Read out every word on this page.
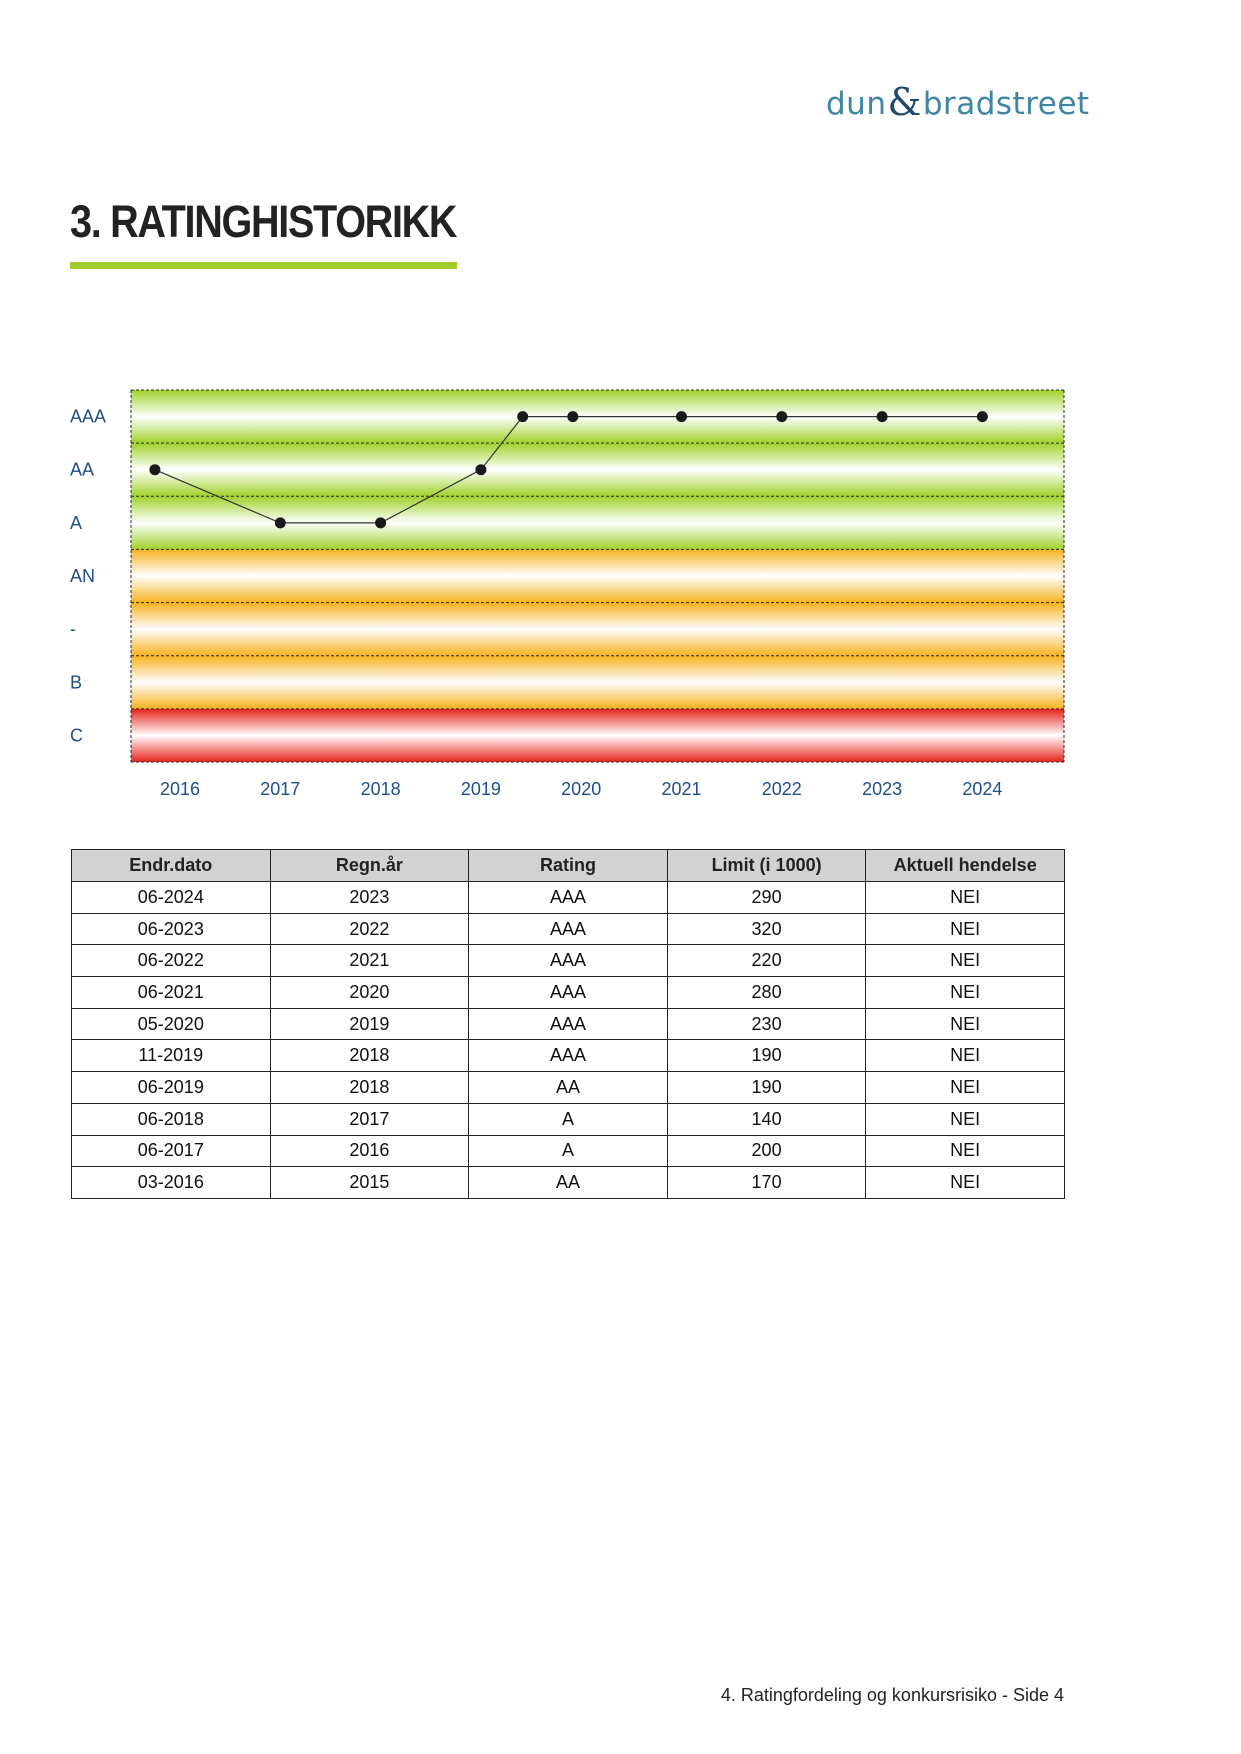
dun&bradstreet
3. RATINGHISTORIKK
AAA
AA
A
AN
-
B
C
2016	2017	2018	2019	2020	2021	2022	2023	2024
Endr.dato	Regn.år	Rating	Limit (i 1000)	Aktuell hendelse
06-2024	2023	AAA	290	NEI
06-2023	2022	AAA	320	NEI
06-2022	2021	AAA	220	NEI
06-2021	2020	AAA	280	NEI
05-2020	2019	AAA	230	NEI
11-2019	2018	AAA	190	NEI
06-2019	2018	AA	190	NEI
06-2018	2017	A	140	NEI
06-2017	2016	A	200	NEI
03-2016	2015	AA	170	NEI
4. Ratingfordeling og konkursrisiko - Side 4
